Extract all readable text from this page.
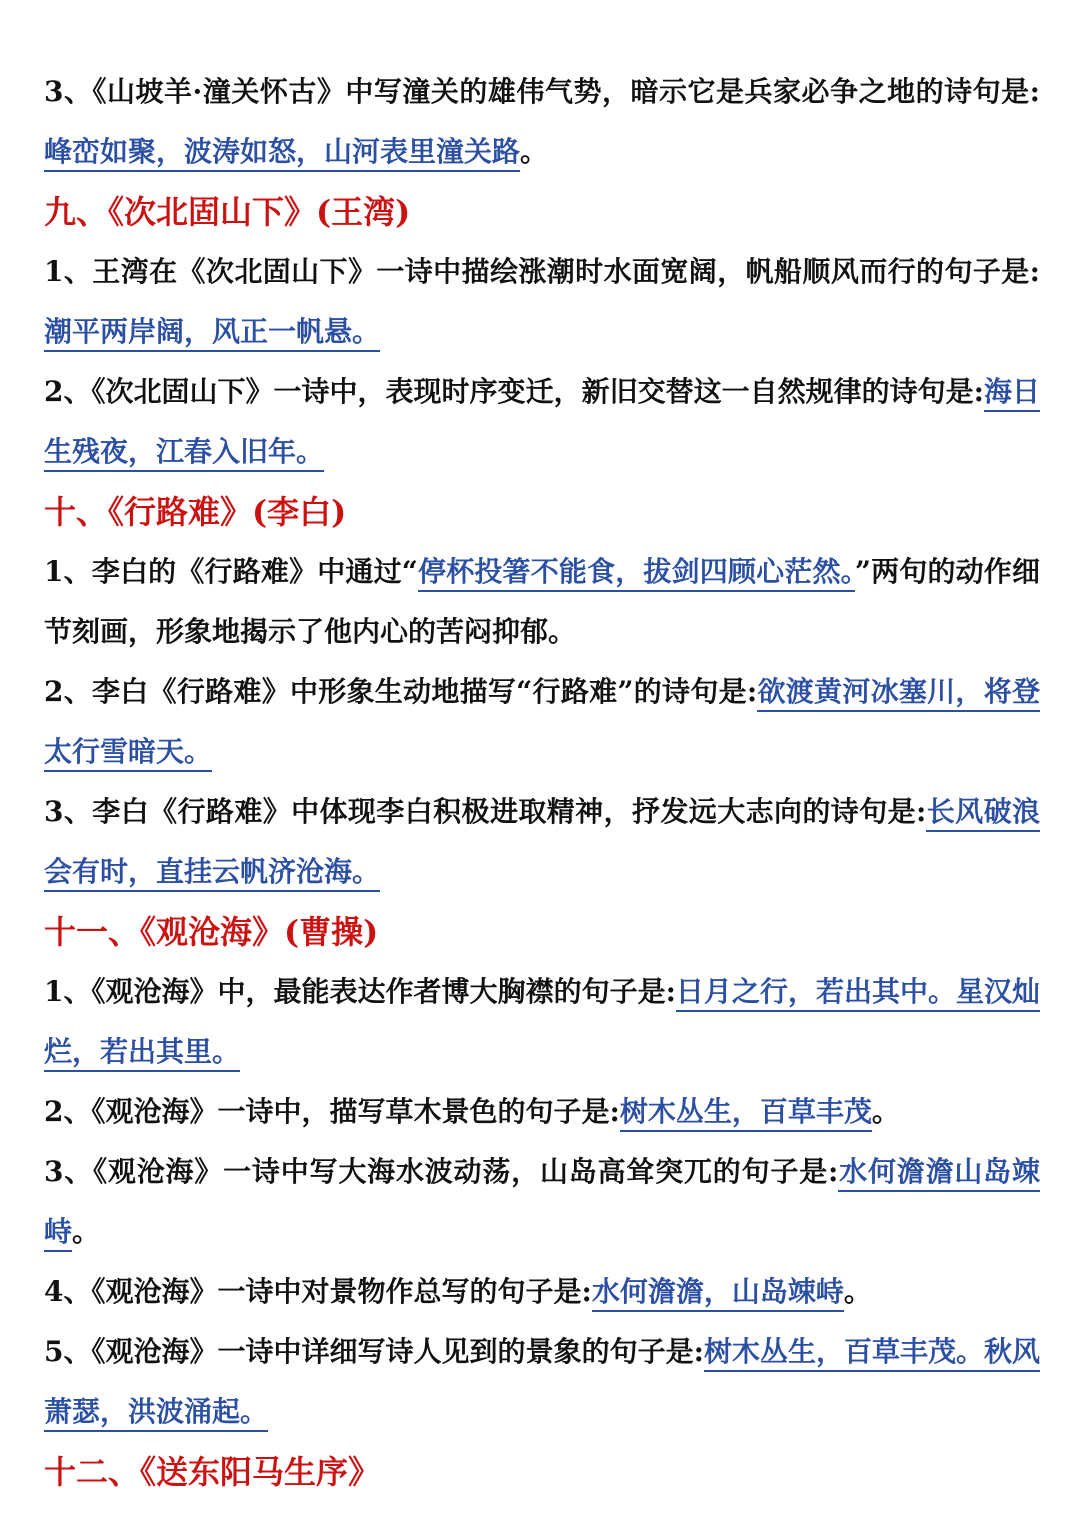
3、《山坡羊·潼关怀古》中写潼关的雄伟气势，暗示它是兵家必争之地的诗句是:峰峦如聚，波涛如怒，山河表里潼关路。

九、《次北固山下》(王湾)

1、王湾在《次北固山下》一诗中描绘涨潮时水面宽阔，帆船顺风而行的句子是:潮平两岸阔，风正一帆悬。

2、《次北固山下》一诗中，表现时序变迁，新旧交替这一自然规律的诗句是:海日生残夜，江春入旧年。

十、《行路难》(李白)

1、李白的《行路难》中通过“停杯投箸不能食，拔剑四顾心茫然。”两句的动作细节刻画，形象地揭示了他内心的苦闷抑郁。

2、李白《行路难》中形象生动地描写“行路难”的诗句是:欲渡黄河冰塞川，将登太行雪暗天。

3、李白《行路难》中体现李白积极进取精神，抒发远大志向的诗句是:长风破浪会有时，直挂云帆济沧海。

十一、《观沧海》(曹操)

1、《观沧海》中，最能表达作者博大胸襟的句子是:日月之行，若出其中。星汉灿烂，若出其里。

2、《观沧海》一诗中，描写草木景色的句子是:树木丛生，百草丰茂。

3、《观沧海》一诗中写大海水波动荡，山岛高耸突兀的句子是:水何澹澹山岛竦峙。

4、《观沧海》一诗中对景物作总写的句子是:水何澹澹，山岛竦峙。

5、《观沧海》一诗中详细写诗人见到的景象的句子是:树木丛生，百草丰茂。秋风萧瑟，洪波涌起。

十二、《送东阳马生序》
